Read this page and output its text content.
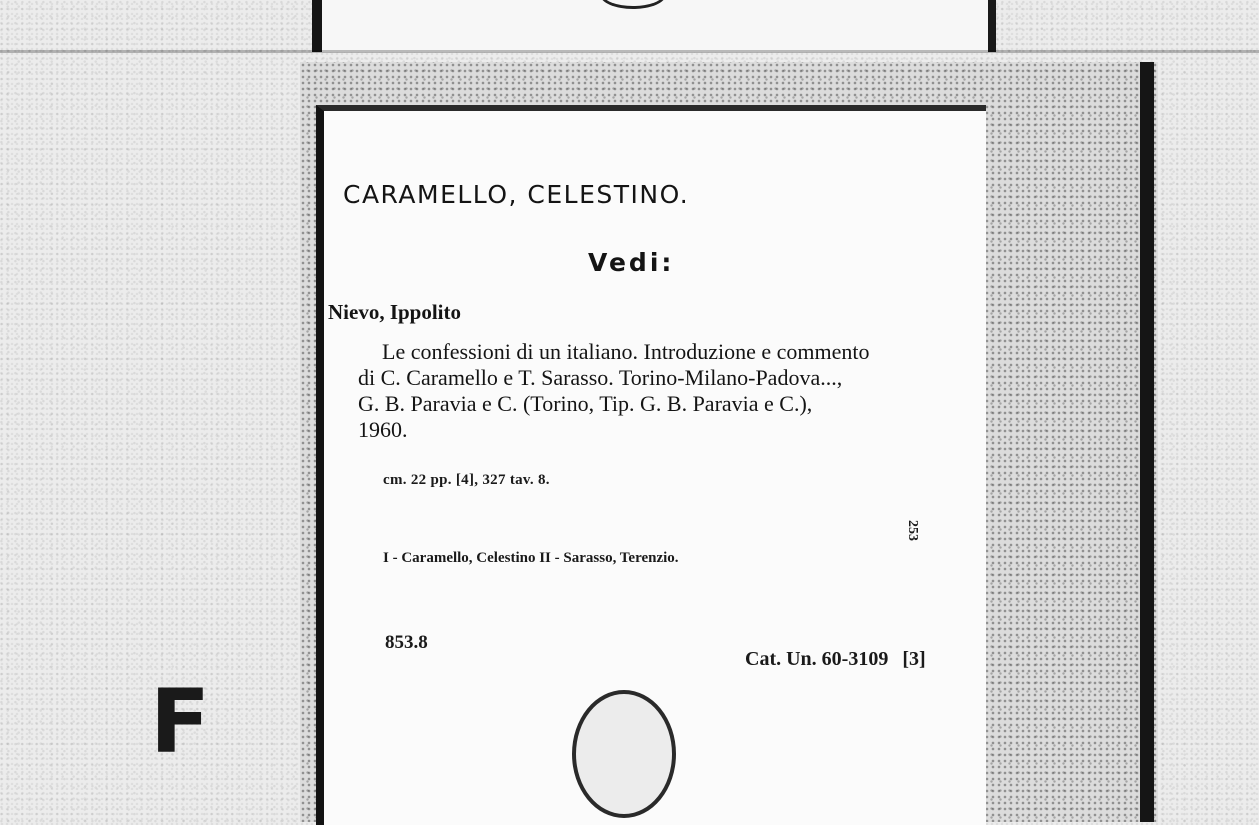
CARAMELLO, CELESTINO.
Vedi:
Nievo, Ippolito
Le confessioni di un italiano. Introduzione e commento
di C. Caramello e T. Sarasso. Torino-Milano-Padova...,
G. B. Paravia e C. (Torino, Tip. G. B. Paravia e C.),
1960.
cm. 22 pp. [4], 327 tav. 8.
I - Caramello, Celestino II - Sarasso, Terenzio.
253
853.8
Cat. Un. 60-3109 [3]
F
